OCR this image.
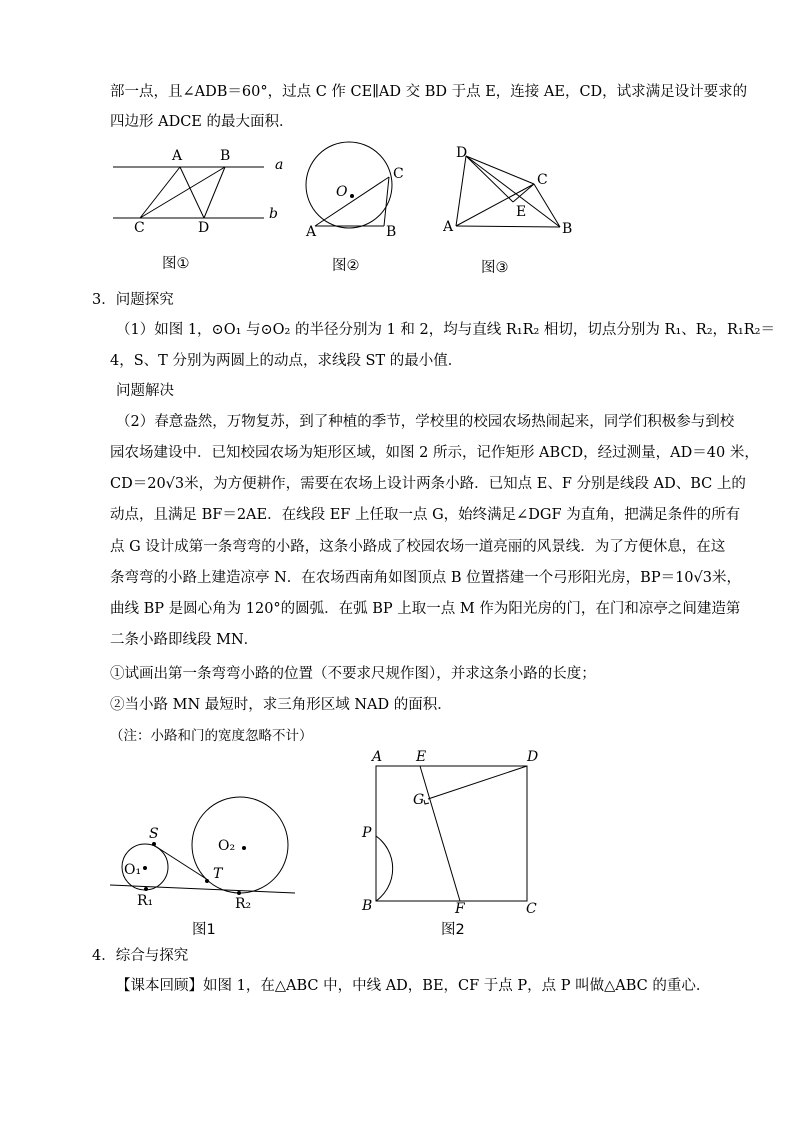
部一点，且∠ADB＝60°，过点 C 作 CE∥AD 交 BD 于点 E，连接 AE，CD，试求满足设计要求的
四边形 ADCE 的最大面积．
A	B
a
b
C	D
图①
O
A	B
C
图②
D
C
E
A	B
图③
3．问题探究
（1）如图 1，⊙O₁ 与⊙O₂ 的半径分别为 1 和 2，均与直线 R₁R₂ 相切，切点分别为 R₁、R₂，R₁R₂＝
4，S、T 分别为两圆上的动点，求线段 ST 的最小值．
问题解决
（2）春意盎然，万物复苏，到了种植的季节，学校里的校园农场热闹起来，同学们积极参与到校
园农场建设中．已知校园农场为矩形区域，如图 2 所示，记作矩形 ABCD，经过测量，AD＝40 米，
CD＝20√3米，为方便耕作，需要在农场上设计两条小路．已知点 E、F 分别是线段 AD、BC 上的
动点，且满足 BF＝2AE．在线段 EF 上任取一点 G，始终满足∠DGF 为直角，把满足条件的所有
点 G 设计成第一条弯弯的小路，这条小路成了校园农场一道亮丽的风景线．为了方便休息，在这
条弯弯的小路上建造凉亭 N．在农场西南角如图顶点 B 位置搭建一个弓形阳光房，BP＝10√3米，
曲线 BP 是圆心角为 120°的圆弧．在弧 BP 上取一点 M 作为阳光房的门，在门和凉亭之间建造第
二条小路即线段 MN．
①试画出第一条弯弯小路的位置（不要求尺规作图），并求这条小路的长度；
②当小路 MN 最短时，求三角形区域 NAD 的面积．
（注：小路和门的宽度忽略不计）
S
T
O₁
O₂
R₁	R₂
图1
A E	D
G
P
B	F	C
图2
4．综合与探究
【课本回顾】如图 1，在△ABC 中，中线 AD，BE，CF 于点 P，点 P 叫做△ABC 的重心．
